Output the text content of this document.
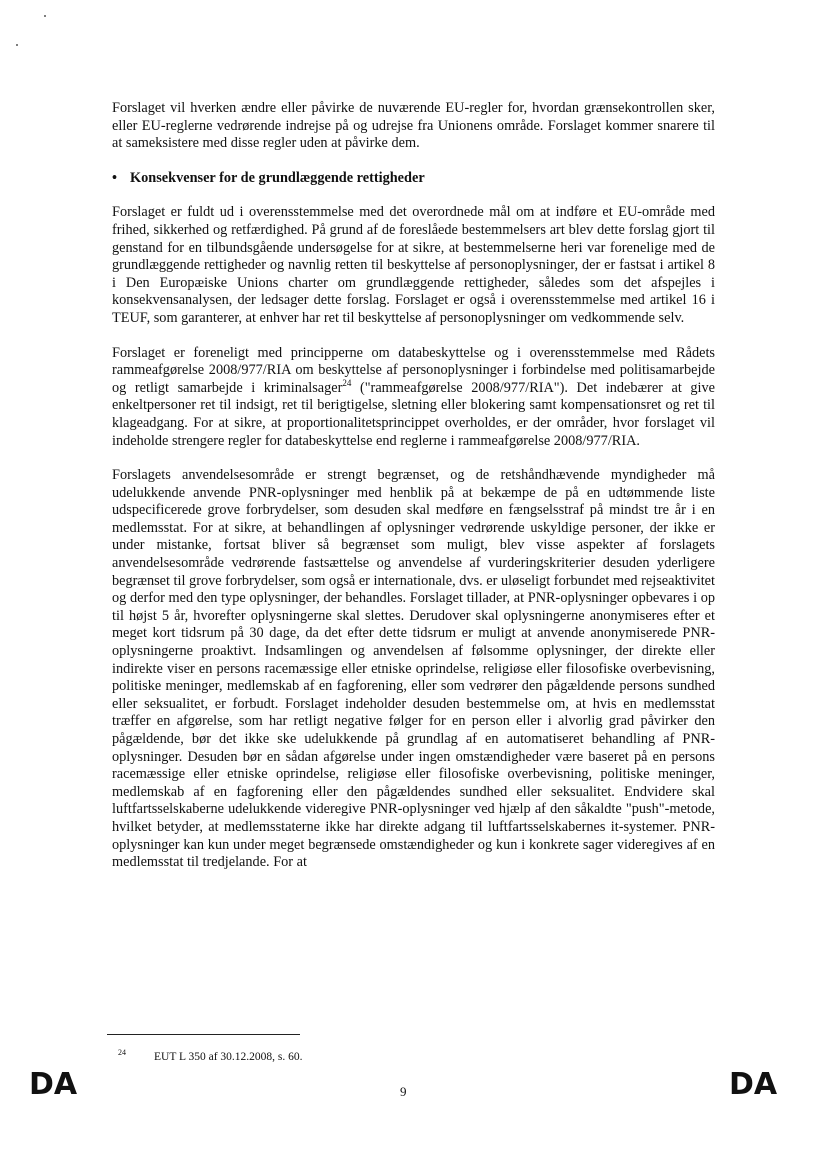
Forslaget vil hverken ændre eller påvirke de nuværende EU-regler for, hvordan grænsekontrollen sker, eller EU-reglerne vedrørende indrejse på og udrejse fra Unionens område. Forslaget kommer snarere til at sameksistere med disse regler uden at påvirke dem.

• Konsekvenser for de grundlæggende rettigheder

Forslaget er fuldt ud i overensstemmelse med det overordnede mål om at indføre et EU-område med frihed, sikkerhed og retfærdighed. På grund af de foreslåede bestemmelsers art blev dette forslag gjort til genstand for en tilbundsgående undersøgelse for at sikre, at bestemmelserne heri var forenelige med de grundlæggende rettigheder og navnlig retten til beskyttelse af personoplysninger, der er fastsat i artikel 8 i Den Europæiske Unions charter om grundlæggende rettigheder, således som det afspejles i konsekvensanalysen, der ledsager dette forslag. Forslaget er også i overensstemmelse med artikel 16 i TEUF, som garanterer, at enhver har ret til beskyttelse af personoplysninger om vedkommende selv.

Forslaget er foreneligt med principperne om databeskyttelse og i overensstemmelse med Rådets rammeafgørelse 2008/977/RIA om beskyttelse af personoplysninger i forbindelse med politisamarbejde og retligt samarbejde i kriminalsager$^{24}$ ("rammeafgørelse 2008/977/RIA"). Det indebærer at give enkeltpersoner ret til indsigt, ret til berigtigelse, sletning eller blokering samt kompensationsret og ret til klageadgang. For at sikre, at proportionalitetsprincippet overholdes, er der områder, hvor forslaget vil indeholde strengere regler for databeskyttelse end reglerne i rammeafgørelse 2008/977/RIA.

Forslagets anvendelsesområde er strengt begrænset, og de retshåndhævende myndigheder må udelukkende anvende PNR-oplysninger med henblik på at bekæmpe de på en udtømmende liste udspecificerede grove forbrydelser, som desuden skal medføre en fængselsstraf på mindst tre år i en medlemsstat. For at sikre, at behandlingen af oplysninger vedrørende uskyldige personer, der ikke er under mistanke, fortsat bliver så begrænset som muligt, blev visse aspekter af forslagets anvendelsesområde vedrørende fastsættelse og anvendelse af vurderingskriterier desuden yderligere begrænset til grove forbrydelser, som også er internationale, dvs. er uløseligt forbundet med rejseaktivitet og derfor med den type oplysninger, der behandles. Forslaget tillader, at PNR-oplysninger opbevares i op til højst 5 år, hvorefter oplysningerne skal slettes. Derudover skal oplysningerne anonymiseres efter et meget kort tidsrum på 30 dage, da det efter dette tidsrum er muligt at anvende anonymiserede PNR-oplysningerne proaktivt. Indsamlingen og anvendelsen af følsomme oplysninger, der direkte eller indirekte viser en persons racemæssige eller etniske oprindelse, religiøse eller filosofiske overbevisning, politiske meninger, medlemskab af en fagforening, eller som vedrører den pågældende persons sundhed eller seksualitet, er forbudt. Forslaget indeholder desuden bestemmelse om, at hvis en medlemsstat træffer en afgørelse, som har retligt negative følger for en person eller i alvorlig grad påvirker den pågældende, bør det ikke ske udelukkende på grundlag af en automatiseret behandling af PNR-oplysninger. Desuden bør en sådan afgørelse under ingen omstændigheder være baseret på en persons racemæssige eller etniske oprindelse, religiøse eller filosofiske overbevisning, politiske meninger, medlemskab af en fagforening eller den pågældendes sundhed eller seksualitet. Endvidere skal luftfartsselskaberne udelukkende videregive PNR-oplysninger ved hjælp af den såkaldte "push"-metode, hvilket betyder, at medlemsstaterne ikke har direkte adgang til luftfartsselskabernes it-systemer. PNR-oplysninger kan kun under meget begrænsede omstændigheder og kun i konkrete sager videregives af en medlemsstat til tredjelande. For at

24 EUT L 350 af 30.12.2008, s. 60.
DA	9	DA
